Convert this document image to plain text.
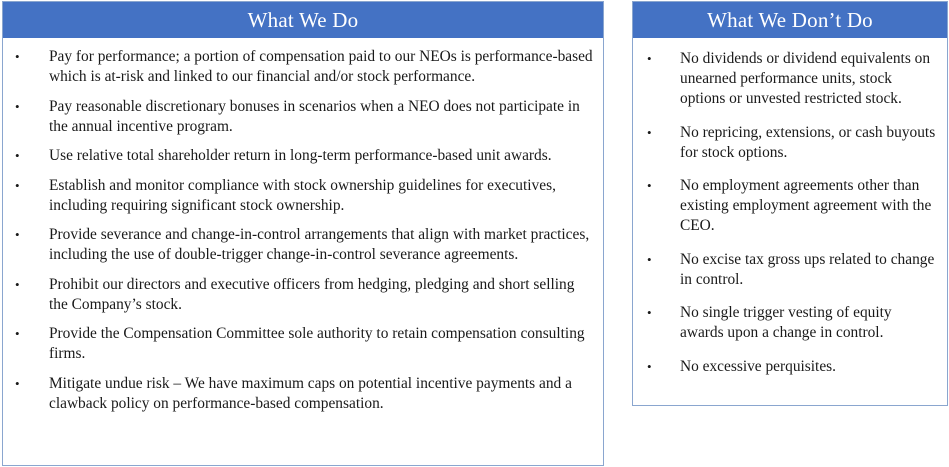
What We Do
• Pay for performance; a portion of compensation paid to our NEOs is performance-based which is at-risk and linked to our financial and/or stock performance.
• Pay reasonable discretionary bonuses in scenarios when a NEO does not participate in the annual incentive program.
• Use relative total shareholder return in long-term performance-based unit awards.
• Establish and monitor compliance with stock ownership guidelines for executives, including requiring significant stock ownership.
• Provide severance and change-in-control arrangements that align with market practices, including the use of double-trigger change-in-control severance agreements.
• Prohibit our directors and executive officers from hedging, pledging and short selling the Company’s stock.
• Provide the Compensation Committee sole authority to retain compensation consulting firms.
• Mitigate undue risk – We have maximum caps on potential incentive payments and a clawback policy on performance-based compensation.
What We Don’t Do
• No dividends or dividend equivalents on unearned performance units, stock options or unvested restricted stock.
• No repricing, extensions, or cash buyouts for stock options.
• No employment agreements other than existing employment agreement with the CEO.
• No excise tax gross ups related to change in control.
• No single trigger vesting of equity awards upon a change in control.
• No excessive perquisites.
